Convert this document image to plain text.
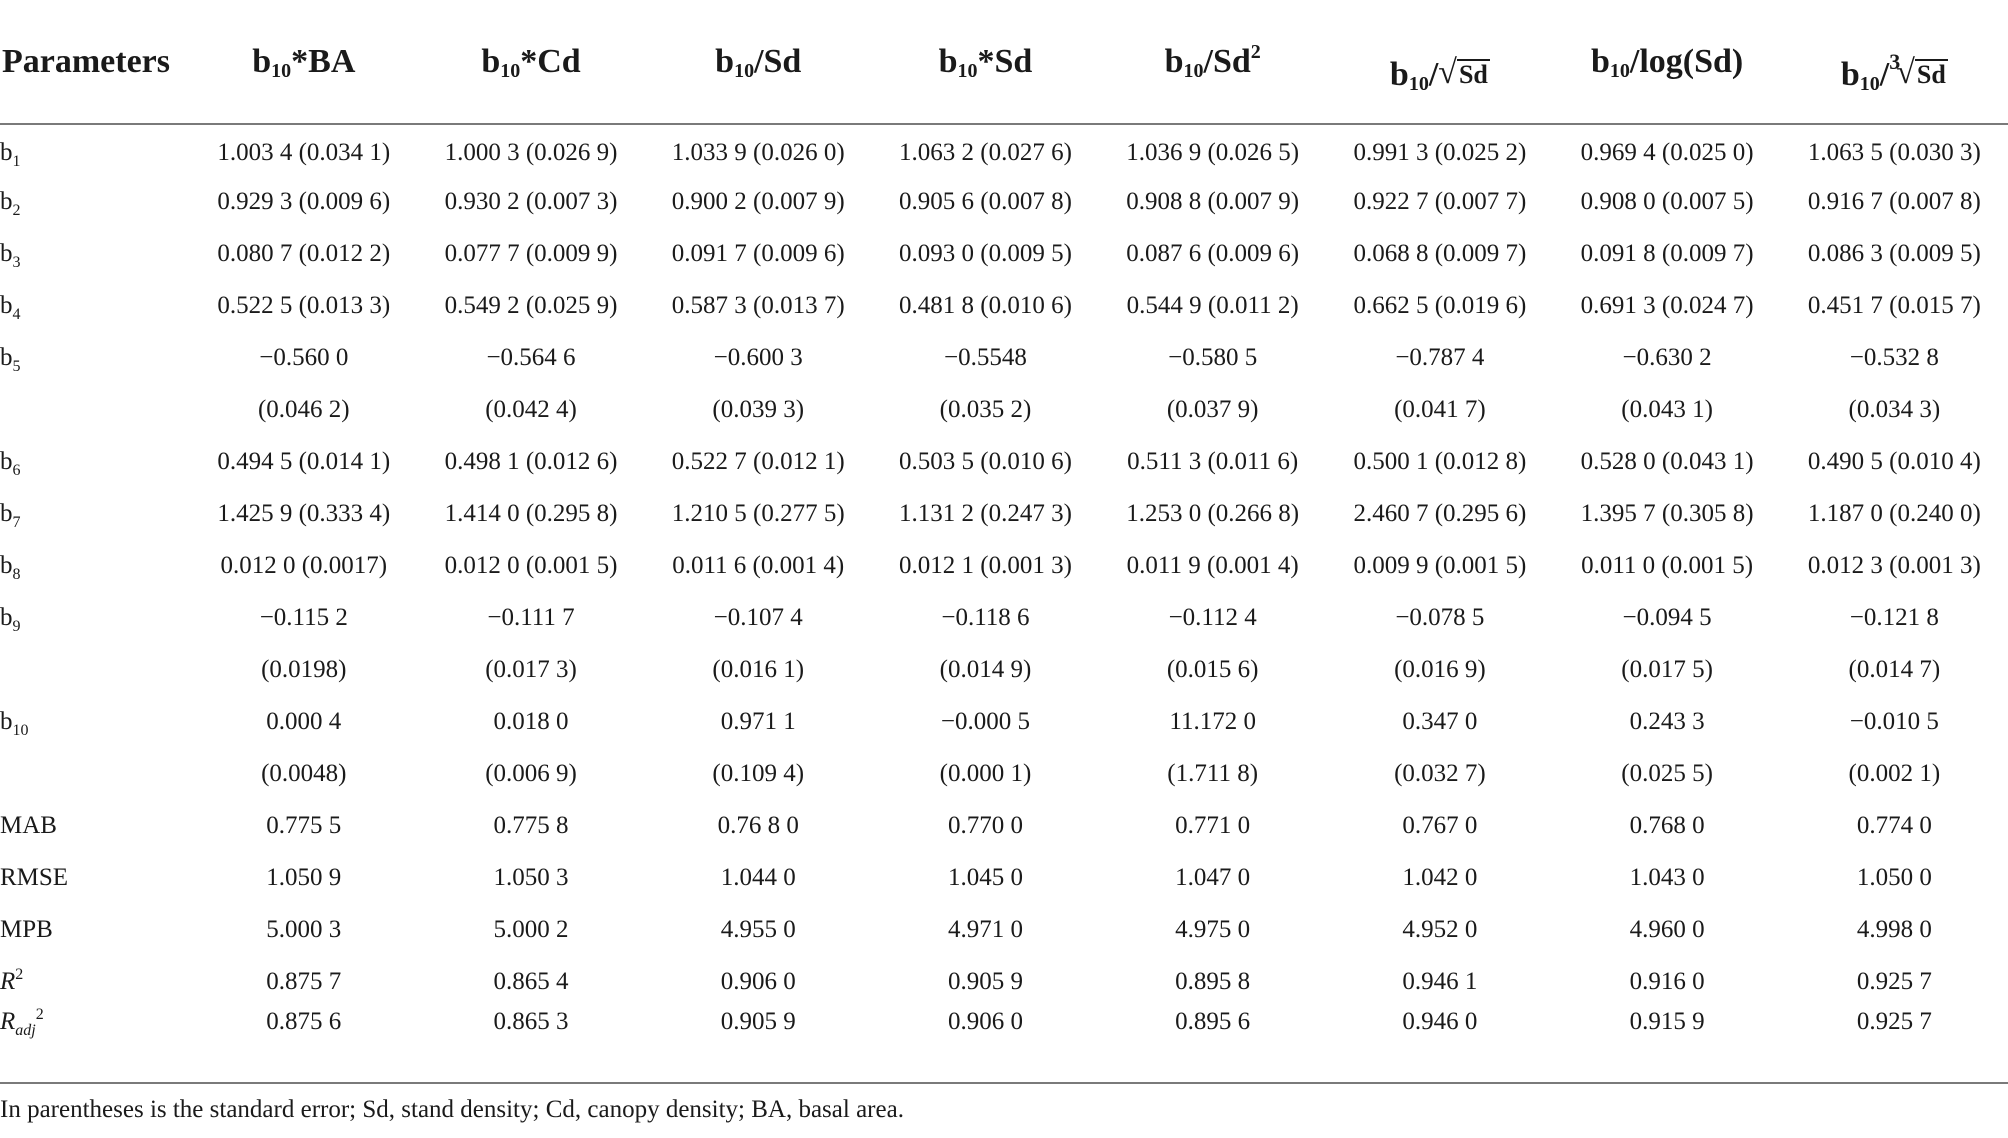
Parameters	$b_{10}*BA$	$b_{10}*Cd$	$b_{10}/Sd$	$b_{10}*Sd$	$b_{10}/Sd^2$	$b_{10}/√Sd$	$b_{10}/\log(Sd)$	$b_{10}/^3√Sd$
$b_1$	1.003 4 (0.034 1)	1.000 3 (0.026 9)	1.033 9 (0.026 0)	1.063 2 (0.027 6)	1.036 9 (0.026 5)	0.991 3 (0.025 2)	0.969 4 (0.025 0)	1.063 5 (0.030 3)
$b_2$	0.929 3 (0.009 6)	0.930 2 (0.007 3)	0.900 2 (0.007 9)	0.905 6 (0.007 8)	0.908 8 (0.007 9)	0.922 7 (0.007 7)	0.908 0 (0.007 5)	0.916 7 (0.007 8)
$b_3$	0.080 7 (0.012 2)	0.077 7 (0.009 9)	0.091 7 (0.009 6)	0.093 0 (0.009 5)	0.087 6 (0.009 6)	0.068 8 (0.009 7)	0.091 8 (0.009 7)	0.086 3 (0.009 5)
$b_4$	0.522 5 (0.013 3)	0.549 2 (0.025 9)	0.587 3 (0.013 7)	0.481 8 (0.010 6)	0.544 9 (0.011 2)	0.662 5 (0.019 6)	0.691 3 (0.024 7)	0.451 7 (0.015 7)
$b_5$	−0.560 0	−0.564 6	−0.600 3	−0.5548	−0.580 5	−0.787 4	−0.630 2	−0.532 8
	(0.046 2)	(0.042 4)	(0.039 3)	(0.035 2)	(0.037 9)	(0.041 7)	(0.043 1)	(0.034 3)
$b_6$	0.494 5 (0.014 1)	0.498 1 (0.012 6)	0.522 7 (0.012 1)	0.503 5 (0.010 6)	0.511 3 (0.011 6)	0.500 1 (0.012 8)	0.528 0 (0.043 1)	0.490 5 (0.010 4)
$b_7$	1.425 9 (0.333 4)	1.414 0 (0.295 8)	1.210 5 (0.277 5)	1.131 2 (0.247 3)	1.253 0 (0.266 8)	2.460 7 (0.295 6)	1.395 7 (0.305 8)	1.187 0 (0.240 0)
$b_8$	0.012 0 (0.0017)	0.012 0 (0.001 5)	0.011 6 (0.001 4)	0.012 1 (0.001 3)	0.011 9 (0.001 4)	0.009 9 (0.001 5)	0.011 0 (0.001 5)	0.012 3 (0.001 3)
$b_9$	−0.115 2	−0.111 7	−0.107 4	−0.118 6	−0.112 4	−0.078 5	−0.094 5	−0.121 8
	(0.0198)	(0.017 3)	(0.016 1)	(0.014 9)	(0.015 6)	(0.016 9)	(0.017 5)	(0.014 7)
$b_{10}$	0.000 4	0.018 0	0.971 1	−0.000 5	11.172 0	0.347 0	0.243 3	−0.010 5
	(0.0048)	(0.006 9)	(0.109 4)	(0.000 1)	(1.711 8)	(0.032 7)	(0.025 5)	(0.002 1)
MAB	0.775 5	0.775 8	0.76 8 0	0.770 0	0.771 0	0.767 0	0.768 0	0.774 0
RMSE	1.050 9	1.050 3	1.044 0	1.045 0	1.047 0	1.042 0	1.043 0	1.050 0
MPB	5.000 3	5.000 2	4.955 0	4.971 0	4.975 0	4.952 0	4.960 0	4.998 0
$R^2$	0.875 7	0.865 4	0.906 0	0.905 9	0.895 8	0.946 1	0.916 0	0.925 7
$R_{adj}^2$	0.875 6	0.865 3	0.905 9	0.906 0	0.895 6	0.946 0	0.915 9	0.925 7
In parentheses is the standard error; Sd, stand density; Cd, canopy density; BA, basal area.
